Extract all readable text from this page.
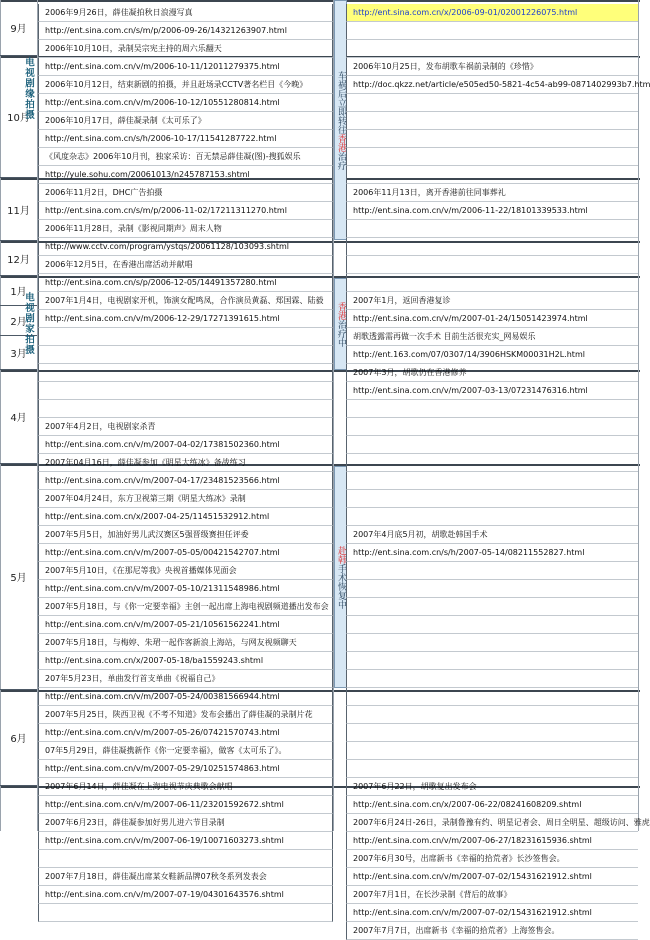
9月
10月
11月
12月
1月
2月
3月
4月
5月
6月
电视剧缘拍摄
电视剧家拍摄
车祸后立即转往
香港
治疗
香港
治疗中
赴韩
手术恢复中
2006年9月26日，薛佳凝拍秋日浪漫写真
http://ent.sina.com.cn/s/m/p/2006-09-26/14321263907.html
2006年10月10日，录制吴宗宪主持的周六乐翻天
http://ent.sina.com.cn/v/m/2006-10-11/12011279375.html
2006年10月12日，结束新剧的拍摄，并且赶场录CCTV著名栏目《今晚》
http://ent.sina.com.cn/v/m/2006-10-12/10551280814.html
2006年10月17日，薛佳凝录制《太可乐了》
http://ent.sina.com.cn/s/h/2006-10-17/11541287722.html
《风度杂志》2006年10月刊，独家采访：百无禁忌薛佳凝(图)-搜狐娱乐
http://yule.sohu.com/20061013/n245787153.shtml
2006年11月2日，DHC广告拍摄
http://ent.sina.com.cn/s/m/p/2006-11-02/17211311270.html
2006年11月28日，录制《影视同期声》周末人物
http://www.cctv.com/program/ystqs/20061128/103093.shtml
2006年12月5日，在香港出席活动并献唱
http://ent.sina.com.cn/s/p/2006-12-05/14491357280.html
2007年1月4日，电视剧家开机，饰演女配鸣凤，合作演员黄磊、郑国霖、陆毅
http://ent.sina.com.cn/v/m/2006-12-29/17271391615.html
2007年4月2日，电视剧家杀青
http://ent.sina.com.cn/v/m/2007-04-02/17381502360.html
2007年04月16日，薛佳凝参加《明星大练冰》备战练习
http://ent.sina.com.cn/v/m/2007-04-17/23481523566.html
2007年04月24日，东方卫视第三期《明星大练冰》录制
http://ent.sina.com.cn/x/2007-04-25/11451532912.html
2007年5月5日，加油好男儿武汉赛区5强晋级赛担任评委
http://ent.sina.com.cn/v/m/2007-05-05/00421542707.html
2007年5月10日，《在那尼等我》央视首播媒体见面会
http://ent.sina.com.cn/v/m/2007-05-10/21311548986.html
2007年5月18日，与《你一定要幸福》主创一起出席上海电视剧频道播出发布会
http://ent.sina.com.cn/v/m/2007-05-21/10561562241.html
2007年5月18日，与梅婷、朱珺一起作客新浪上海站，与网友视频聊天
http://ent.sina.com.cn/x/2007-05-18/ba1559243.shtml
207年5月23日，单曲发行首支单曲《祝福自己》
http://ent.sina.com.cn/v/m/2007-05-24/00381566944.html
2007年5月25日，陕西卫视《不考不知道》发布会播出了薛佳凝的录制片花
http://ent.sina.com.cn/v/m/2007-05-26/07421570743.html
07年5月29日，薛佳凝携新作《你一定要幸福》，做客《太可乐了》。
http://ent.sina.com.cn/v/m/2007-05-29/10251574863.html
2007年6月14日，薛佳凝在上海电视节庆典歌会献唱
http://ent.sina.com.cn/v/m/2007-06-11/23201592672.shtml
2007年6月23日，薛佳凝参加好男儿进六节目录制
http://ent.sina.com.cn/v/m/2007-06-19/10071603273.shtml
2007年7月18日，薛佳凝出席某女鞋新品牌07秋冬系列发表会
http://ent.sina.com.cn/v/m/2007-07-19/04301643576.shtml
http://ent.sina.com.cn/x/2006-09-01/02001226075.html
2006年10月25日，发布胡歌车祸前录制的《珍惜》
http://doc.qkzz.net/article/e505ed50-5821-4c54-ab99-0871402993b7.htm
2006年11月13日，离开香港前往同事葬礼
http://ent.sina.com.cn/v/m/2006-11-22/18101339533.html
2007年1月，返回香港复诊
http://ent.sina.com.cn/v/m/2007-01-24/15051423974.html
胡歌透露需再做一次手术 目前生活很充实_网易娱乐
http://ent.163.com/07/0307/14/3906HSKM00031H2L.html
2007年3月，胡歌仍在香港修养
http://ent.sina.com.cn/v/m/2007-03-13/07231476316.html
2007年4月底5月初，胡歌赴韩国手术
http://ent.sina.com.cn/s/h/2007-05-14/08211552827.html
2007年6月22日，胡歌复出发布会
http://ent.sina.com.cn/x/2007-06-22/08241608209.shtml
2007年6月24日-26日，录制鲁豫有约、明星记者会、周日全明星、超级访问、雅虎
http://ent.sina.com.cn/v/m/2007-06-27/18231615936.shtml
2007年6月30号，出席新书《幸福的拾荒者》长沙签售会。
http://ent.sina.com.cn/v/m/2007-07-02/15431621912.shtml
2007年7月1日，在长沙录制《背后的故事》
http://ent.sina.com.cn/v/m/2007-07-02/15431621912.shtml
2007年7月7日，出席新书《幸福的拾荒者》上海签售会。
